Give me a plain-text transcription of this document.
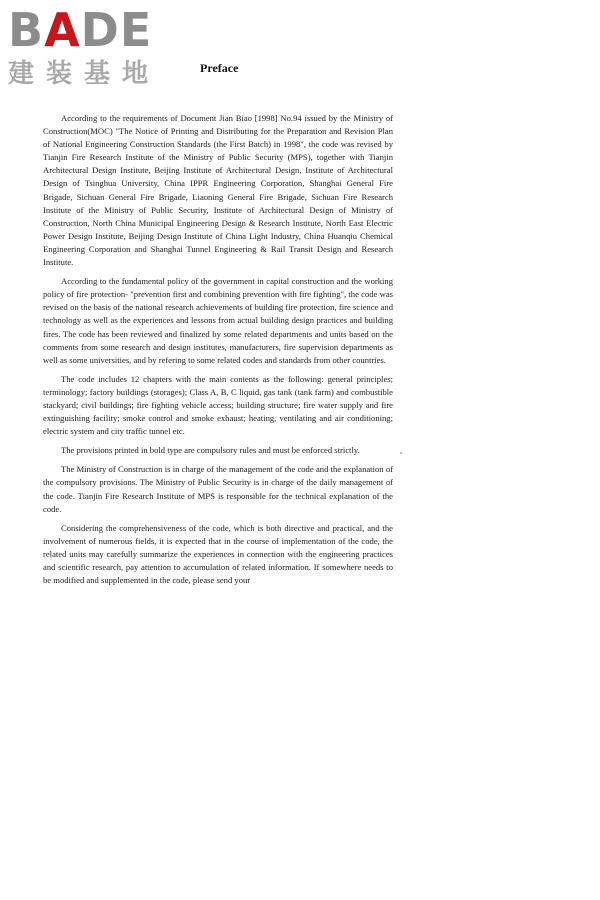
BADE
建装基地	Preface

According to the requirements of Document Jian Biao [1998] No.94 issued by the Ministry of Construction(MOC) "The Notice of Printing and Distributing for the Preparation and Revision Plan of National Engineering Construction Standards (the First Batch) in 1998", the code was revised by Tianjin Fire Research Institute of the Ministry of Public Security (MPS), together with Tianjin Architectural Design Institute, Beijing Institute of Architectural Design, Institute of Architectural Design of Tsinghua University, China IPPR Engineering Corporation, Shanghai General Fire Brigade, Sichuan General Fire Brigade, Liaoning General Fire Brigade, Sichuan Fire Research Institute of the Ministry of Public Security, Institute of Architectural Design of Ministry of Construction, North China Municipal Engineering Design & Research Institute, North East Electric Power Design Institute, Beijing Design Institute of China Light Industry, China Huanqiu Chemical Engineering Corporation and Shanghai Tunnel Engineering & Rail Transit Design and Research Institute.

According to the fundamental policy of the government in capital construction and the working policy of fire protection- "prevention first and combining prevention with fire fighting", the code was revised on the basis of the national research achievements of building fire protection, fire science and technology as well as the experiences and lessons from actual building design practices and building fires. The code has been reviewed and finalized by some related departments and units based on the comments from some research and design institutes, manufacturers, fire supervision departments as well as some universities, and by refering to some related codes and standards from other countries.

The code includes 12 chapters with the main contents as the following: general principles; terminology; factory buildings (storages); Class A, B, C liquid, gas tank (tank farm) and combustible stackyard; civil buildings; fire fighting vehicle access; building structure; fire water supply and fire extinguishing facility; smoke control and smoke exhaust; heating, ventilating and air conditioning; electric system and city traffic tunnel etc.

The provisions printed in bold type are compulsory rules and must be enforced strictly.

The Ministry of Construction is in charge of the management of the code and the explanation of the compulsory provisions. The Ministry of Public Security is in charge of the daily management of the code. Tianjin Fire Research Institute of MPS is responsible for the technical explanation of the code.

Considering the comprehensiveness of the code, which is both directive and practical, and the involvement of numerous fields, it is expected that in the course of implementation of the code, the related units may carefully summarize the experiences in connection with the engineering practices and scientific research, pay attention to accumulation of related information. If somewhere needs to be modified and supplemented in the code, please send your
